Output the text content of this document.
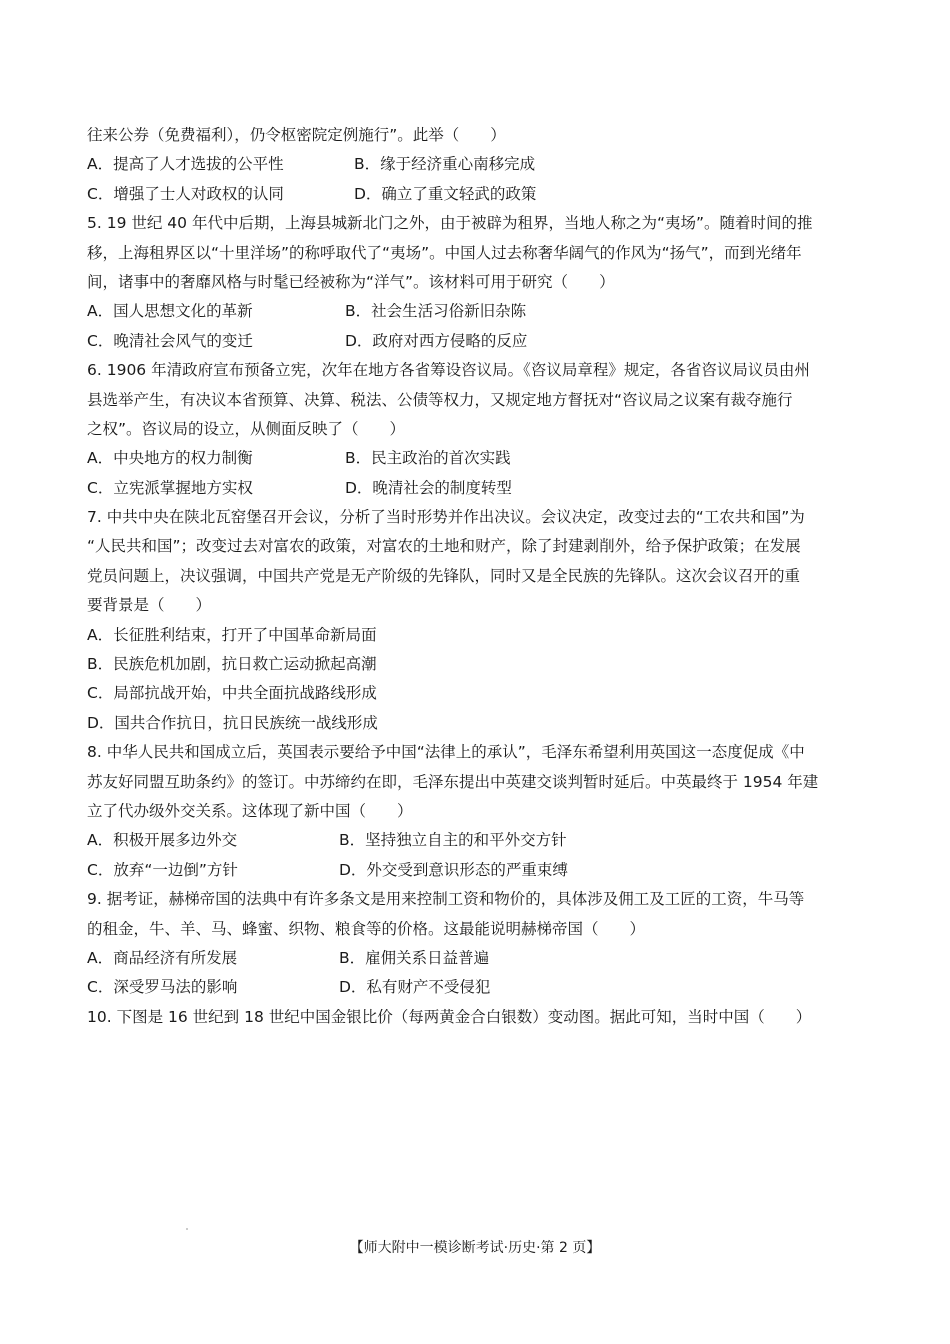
往来公券（免费福利），仍令枢密院定例施行”。此举（　　）
A．提高了人才选拔的公平性	B．缘于经济重心南移完成
C．增强了士人对政权的认同	D．确立了重文轻武的政策
5. 19 世纪 40 年代中后期，上海县城新北门之外，由于被辟为租界，当地人称之为“夷场”。随着时间的推
移，上海租界区以“十里洋场”的称呼取代了“夷场”。中国人过去称奢华阔气的作风为“扬气”，而到光绪年
间，诸事中的奢靡风格与时髦已经被称为“洋气”。该材料可用于研究（　　）
A．国人思想文化的革新	B．社会生活习俗新旧杂陈
C．晚清社会风气的变迁	D．政府对西方侵略的反应
6. 1906 年清政府宣布预备立宪，次年在地方各省筹设咨议局。《咨议局章程》规定，各省咨议局议员由州
县选举产生，有决议本省预算、决算、税法、公债等权力，又规定地方督抚对“咨议局之议案有裁夺施行
之权”。咨议局的设立，从侧面反映了（　　）
A．中央地方的权力制衡	B．民主政治的首次实践
C．立宪派掌握地方实权	D．晚清社会的制度转型
7. 中共中央在陕北瓦窑堡召开会议，分析了当时形势并作出决议。会议决定，改变过去的“工农共和国”为
“人民共和国”；改变过去对富农的政策，对富农的土地和财产，除了封建剥削外，给予保护政策；在发展
党员问题上，决议强调，中国共产党是无产阶级的先锋队，同时又是全民族的先锋队。这次会议召开的重
要背景是（　　）
A．长征胜利结束，打开了中国革命新局面
B．民族危机加剧，抗日救亡运动掀起高潮
C．局部抗战开始，中共全面抗战路线形成
D．国共合作抗日，抗日民族统一战线形成
8. 中华人民共和国成立后，英国表示要给予中国“法律上的承认”，毛泽东希望利用英国这一态度促成《中
苏友好同盟互助条约》的签订。中苏缔约在即，毛泽东提出中英建交谈判暂时延后。中英最终于 1954 年建
立了代办级外交关系。这体现了新中国（　　）
A．积极开展多边外交	B．坚持独立自主的和平外交方针
C．放弃“一边倒”方针	D．外交受到意识形态的严重束缚
9. 据考证，赫梯帝国的法典中有许多条文是用来控制工资和物价的，具体涉及佣工及工匠的工资，牛马等
的租金，牛、羊、马、蜂蜜、织物、粮食等的价格。这最能说明赫梯帝国（　　）
A．商品经济有所发展	B．雇佣关系日益普遍
C．深受罗马法的影响	D．私有财产不受侵犯
10. 下图是 16 世纪到 18 世纪中国金银比价（每两黄金合白银数）变动图。据此可知，当时中国（　　）
【师大附中一模诊断考试·历史·第 2 页】
